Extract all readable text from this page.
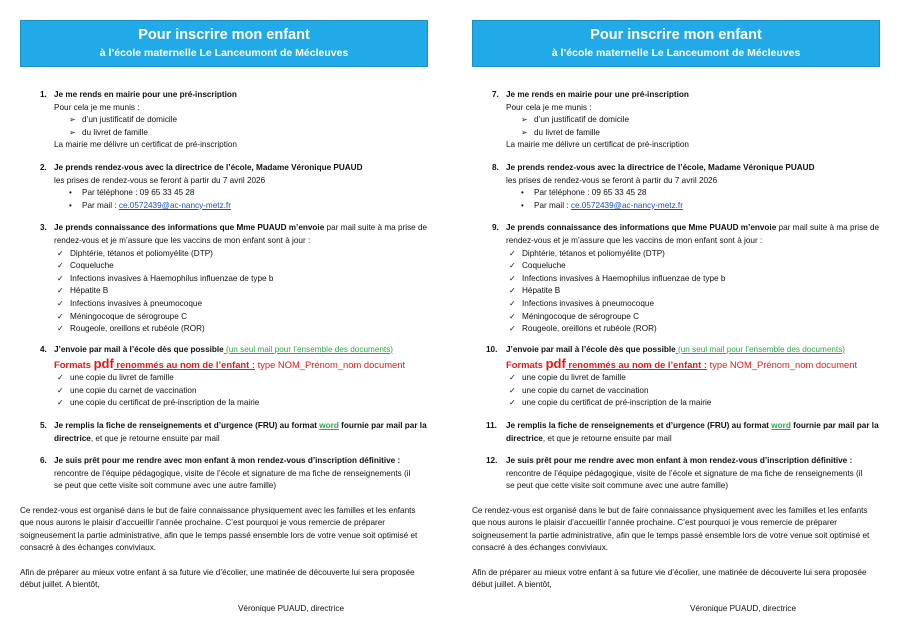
Pour inscrire mon enfant
à l’école maternelle Le Lanceumont de Mécleuves
1. Je me rends en mairie pour une pré-inscription
Pour cela je me munis :
➢ d’un justificatif de domicile
➢ du livret de famille
La mairie me délivre un certificat de pré-inscription
2. Je prends rendez-vous avec la directrice de l’école, Madame Véronique PUAUD
les prises de rendez-vous se feront à partir du 7 avril 2026
• Par téléphone : 09 65 33 45 28
• Par mail : ce.0572439@ac-nancy-metz.fr
3. Je prends connaissance des informations que Mme PUAUD m’envoie par mail suite à ma prise de
rendez-vous et je m’assure que les vaccins de mon enfant sont à jour :
✓ Diphtérie, tétanos et poliomyélite (DTP)
✓ Coqueluche
✓ Infections invasives à Haemophilus influenzae de type b
✓ Hépatite B
✓ Infections invasives à pneumocoque
✓ Méningocoque de sérogroupe C
✓ Rougeole, oreillons et rubéole (ROR)
4. J’envoie par mail à l’école dès que possible (un seul mail pour l’ensemble des documents)
Formats pdf renommés au nom de l’enfant : type NOM_Prénom_nom document
✓ une copie du livret de famille
✓ une copie du carnet de vaccination
✓ une copie du certificat de pré-inscription de la mairie
5. Je remplis la fiche de renseignements et d’urgence (FRU) au format word fournie par mail par la
directrice, et que je retourne ensuite par mail
6. Je suis prêt pour me rendre avec mon enfant à mon rendez-vous d’inscription définitive :
rencontre de l’équipe pédagogique, visite de l’école et signature de ma fiche de renseignements (il
se peut que cette visite soit commune avec une autre famille)
Ce rendez-vous est organisé dans le but de faire connaissance physiquement avec les familles et les enfants que nous aurons le plaisir d’accueillir l’année prochaine. C’est pourquoi je vous remercie de préparer soigneusement la partie administrative, afin que le temps passé ensemble lors de votre venue soit optimisé et consacré à des échanges conviviaux.
Afin de préparer au mieux votre enfant à sa future vie d’écolier, une matinée de découverte lui sera proposée début juillet. A bientôt,
Véronique PUAUD, directrice
Pour inscrire mon enfant
à l’école maternelle Le Lanceumont de Mécleuves
7. Je me rends en mairie pour une pré-inscription
Pour cela je me munis :
➢ d’un justificatif de domicile
➢ du livret de famille
La mairie me délivre un certificat de pré-inscription
8. Je prends rendez-vous avec la directrice de l’école, Madame Véronique PUAUD
les prises de rendez-vous se feront à partir du 7 avril 2026
• Par téléphone : 09 65 33 45 28
• Par mail : ce.0572439@ac-nancy-metz.fr
9. Je prends connaissance des informations que Mme PUAUD m’envoie par mail suite à ma prise de
rendez-vous et je m’assure que les vaccins de mon enfant sont à jour :
✓ Diphtérie, tétanos et poliomyélite (DTP)
✓ Coqueluche
✓ Infections invasives à Haemophilus influenzae de type b
✓ Hépatite B
✓ Infections invasives à pneumocoque
✓ Méningocoque de sérogroupe C
✓ Rougeole, oreillons et rubéole (ROR)
10. J’envoie par mail à l’école dès que possible (un seul mail pour l’ensemble des documents)
Formats pdf renommés au nom de l’enfant : type NOM_Prénom_nom document
✓ une copie du livret de famille
✓ une copie du carnet de vaccination
✓ une copie du certificat de pré-inscription de la mairie
11. Je remplis la fiche de renseignements et d’urgence (FRU) au format word fournie par mail par la
directrice, et que je retourne ensuite par mail
12. Je suis prêt pour me rendre avec mon enfant à mon rendez-vous d’inscription définitive :
rencontre de l’équipe pédagogique, visite de l’école et signature de ma fiche de renseignements (il
se peut que cette visite soit commune avec une autre famille)
Ce rendez-vous est organisé dans le but de faire connaissance physiquement avec les familles et les enfants que nous aurons le plaisir d’accueillir l’année prochaine. C’est pourquoi je vous remercie de préparer soigneusement la partie administrative, afin que le temps passé ensemble lors de votre venue soit optimisé et consacré à des échanges conviviaux.
Afin de préparer au mieux votre enfant à sa future vie d’écolier, une matinée de découverte lui sera proposée début juillet. A bientôt,
Véronique PUAUD, directrice
